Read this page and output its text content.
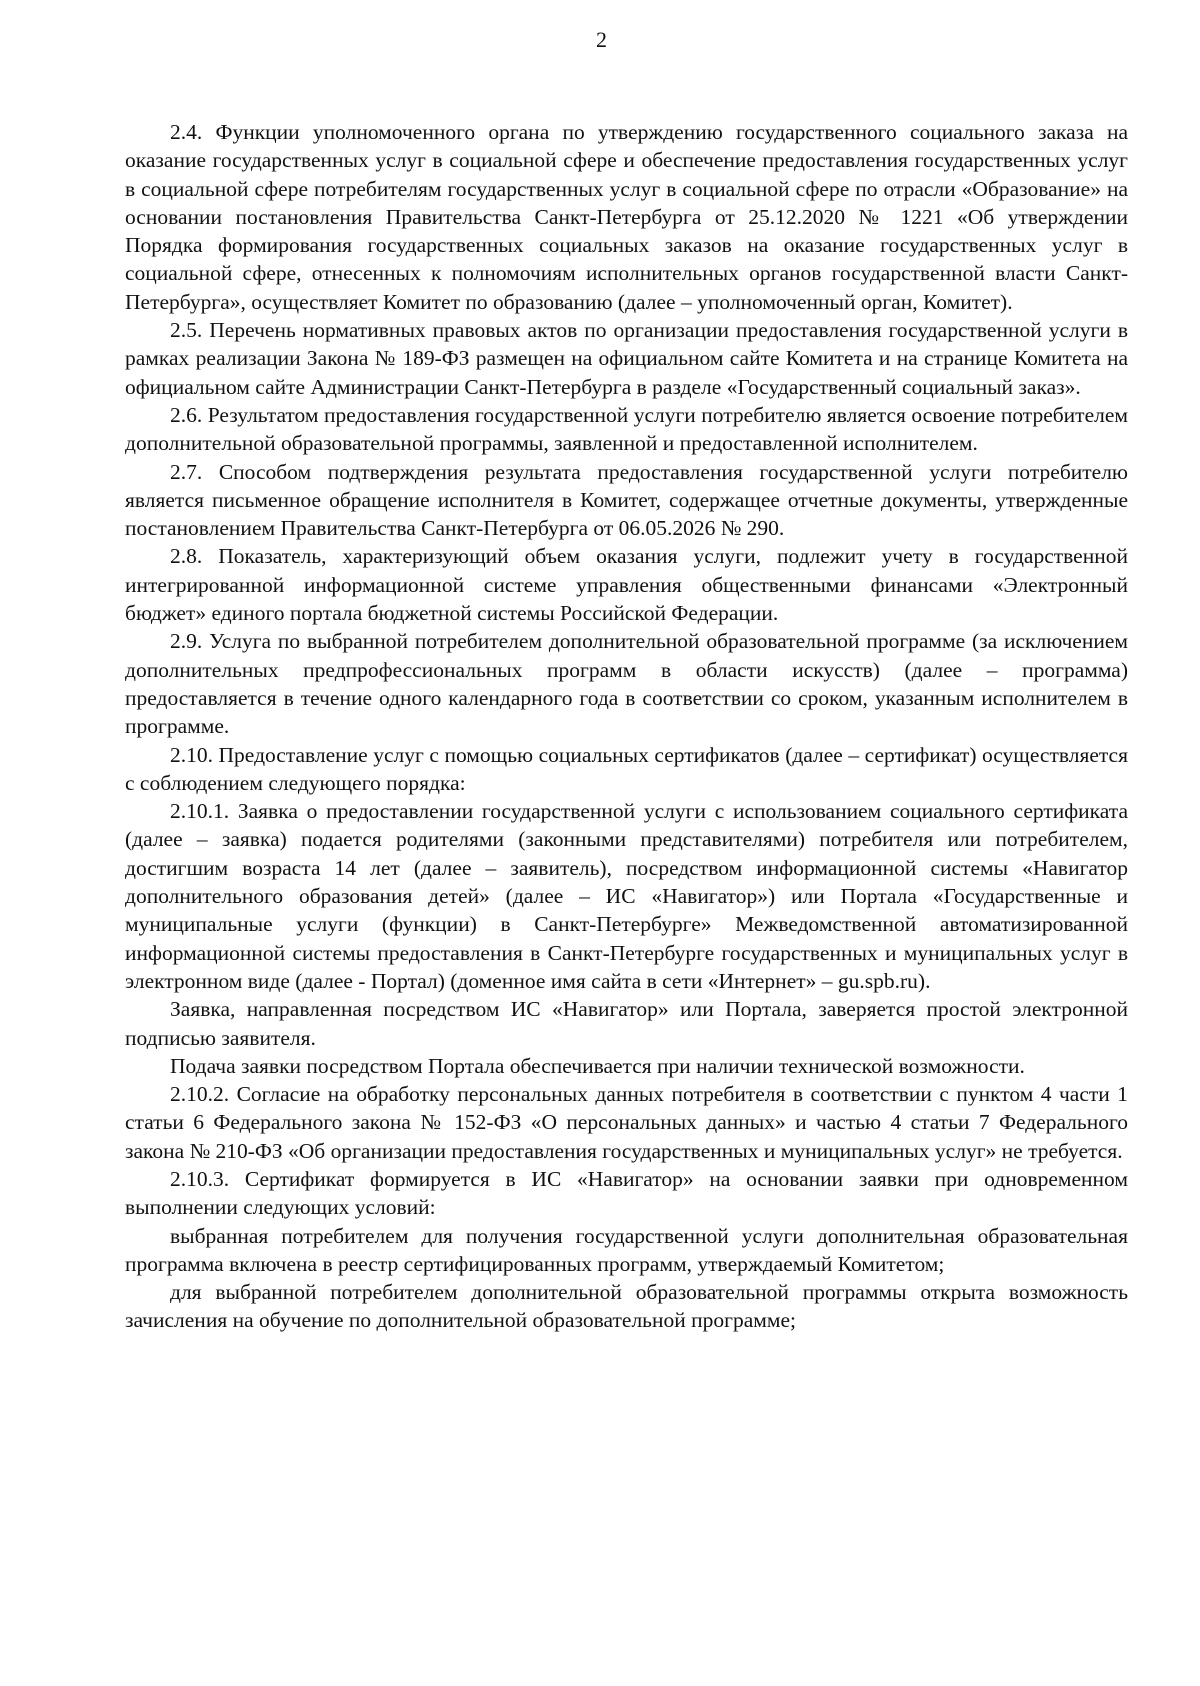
2

2.4. Функции уполномоченного органа по утверждению государственного социального заказа на оказание государственных услуг в социальной сфере и обеспечение предоставления государственных услуг в социальной сфере потребителям государственных услуг в социальной сфере по отрасли «Образование» на основании постановления Правительства Санкт-Петербурга от 25.12.2020 № 1221 «Об утверждении Порядка формирования государственных социальных заказов на оказание государственных услуг в социальной сфере, отнесенных к полномочиям исполнительных органов государственной власти Санкт-Петербурга», осуществляет Комитет по образованию (далее – уполномоченный орган, Комитет).

2.5. Перечень нормативных правовых актов по организации предоставления государственной услуги в рамках реализации Закона № 189-ФЗ размещен на официальном сайте Комитета и на странице Комитета на официальном сайте Администрации Санкт-Петербурга в разделе «Государственный социальный заказ».

2.6. Результатом предоставления государственной услуги потребителю является освоение потребителем дополнительной образовательной программы, заявленной и предоставленной исполнителем.

2.7. Способом подтверждения результата предоставления государственной услуги потребителю является письменное обращение исполнителя в Комитет, содержащее отчетные документы, утвержденные постановлением Правительства Санкт-Петербурга от 06.05.2026 № 290.

2.8. Показатель, характеризующий объем оказания услуги, подлежит учету в государственной интегрированной информационной системе управления общественными финансами «Электронный бюджет» единого портала бюджетной системы Российской Федерации.

2.9. Услуга по выбранной потребителем дополнительной образовательной программе (за исключением дополнительных предпрофессиональных программ в области искусств) (далее – программа) предоставляется в течение одного календарного года в соответствии со сроком, указанным исполнителем в программе.

2.10. Предоставление услуг с помощью социальных сертификатов (далее – сертификат) осуществляется с соблюдением следующего порядка:

2.10.1. Заявка о предоставлении государственной услуги с использованием социального сертификата (далее – заявка) подается родителями (законными представителями) потребителя или потребителем, достигшим возраста 14 лет (далее – заявитель), посредством информационной системы «Навигатор дополнительного образования детей» (далее – ИС «Навигатор») или Портала «Государственные и муниципальные услуги (функции) в Санкт-Петербурге» Межведомственной автоматизированной информационной системы предоставления в Санкт-Петербурге государственных и муниципальных услуг в электронном виде (далее - Портал) (доменное имя сайта в сети «Интернет» – gu.spb.ru).

Заявка, направленная посредством ИС «Навигатор» или Портала, заверяется простой электронной подписью заявителя.

Подача заявки посредством Портала обеспечивается при наличии технической возможности.

2.10.2. Согласие на обработку персональных данных потребителя в соответствии с пунктом 4 части 1 статьи 6 Федерального закона № 152-ФЗ «О персональных данных» и частью 4 статьи 7 Федерального закона № 210-ФЗ «Об организации предоставления государственных и муниципальных услуг» не требуется.

2.10.3. Сертификат формируется в ИС «Навигатор» на основании заявки при одновременном выполнении следующих условий:

выбранная потребителем для получения государственной услуги дополнительная образовательная программа включена в реестр сертифицированных программ, утверждаемый Комитетом;

для выбранной потребителем дополнительной образовательной программы открыта возможность зачисления на обучение по дополнительной образовательной программе;
